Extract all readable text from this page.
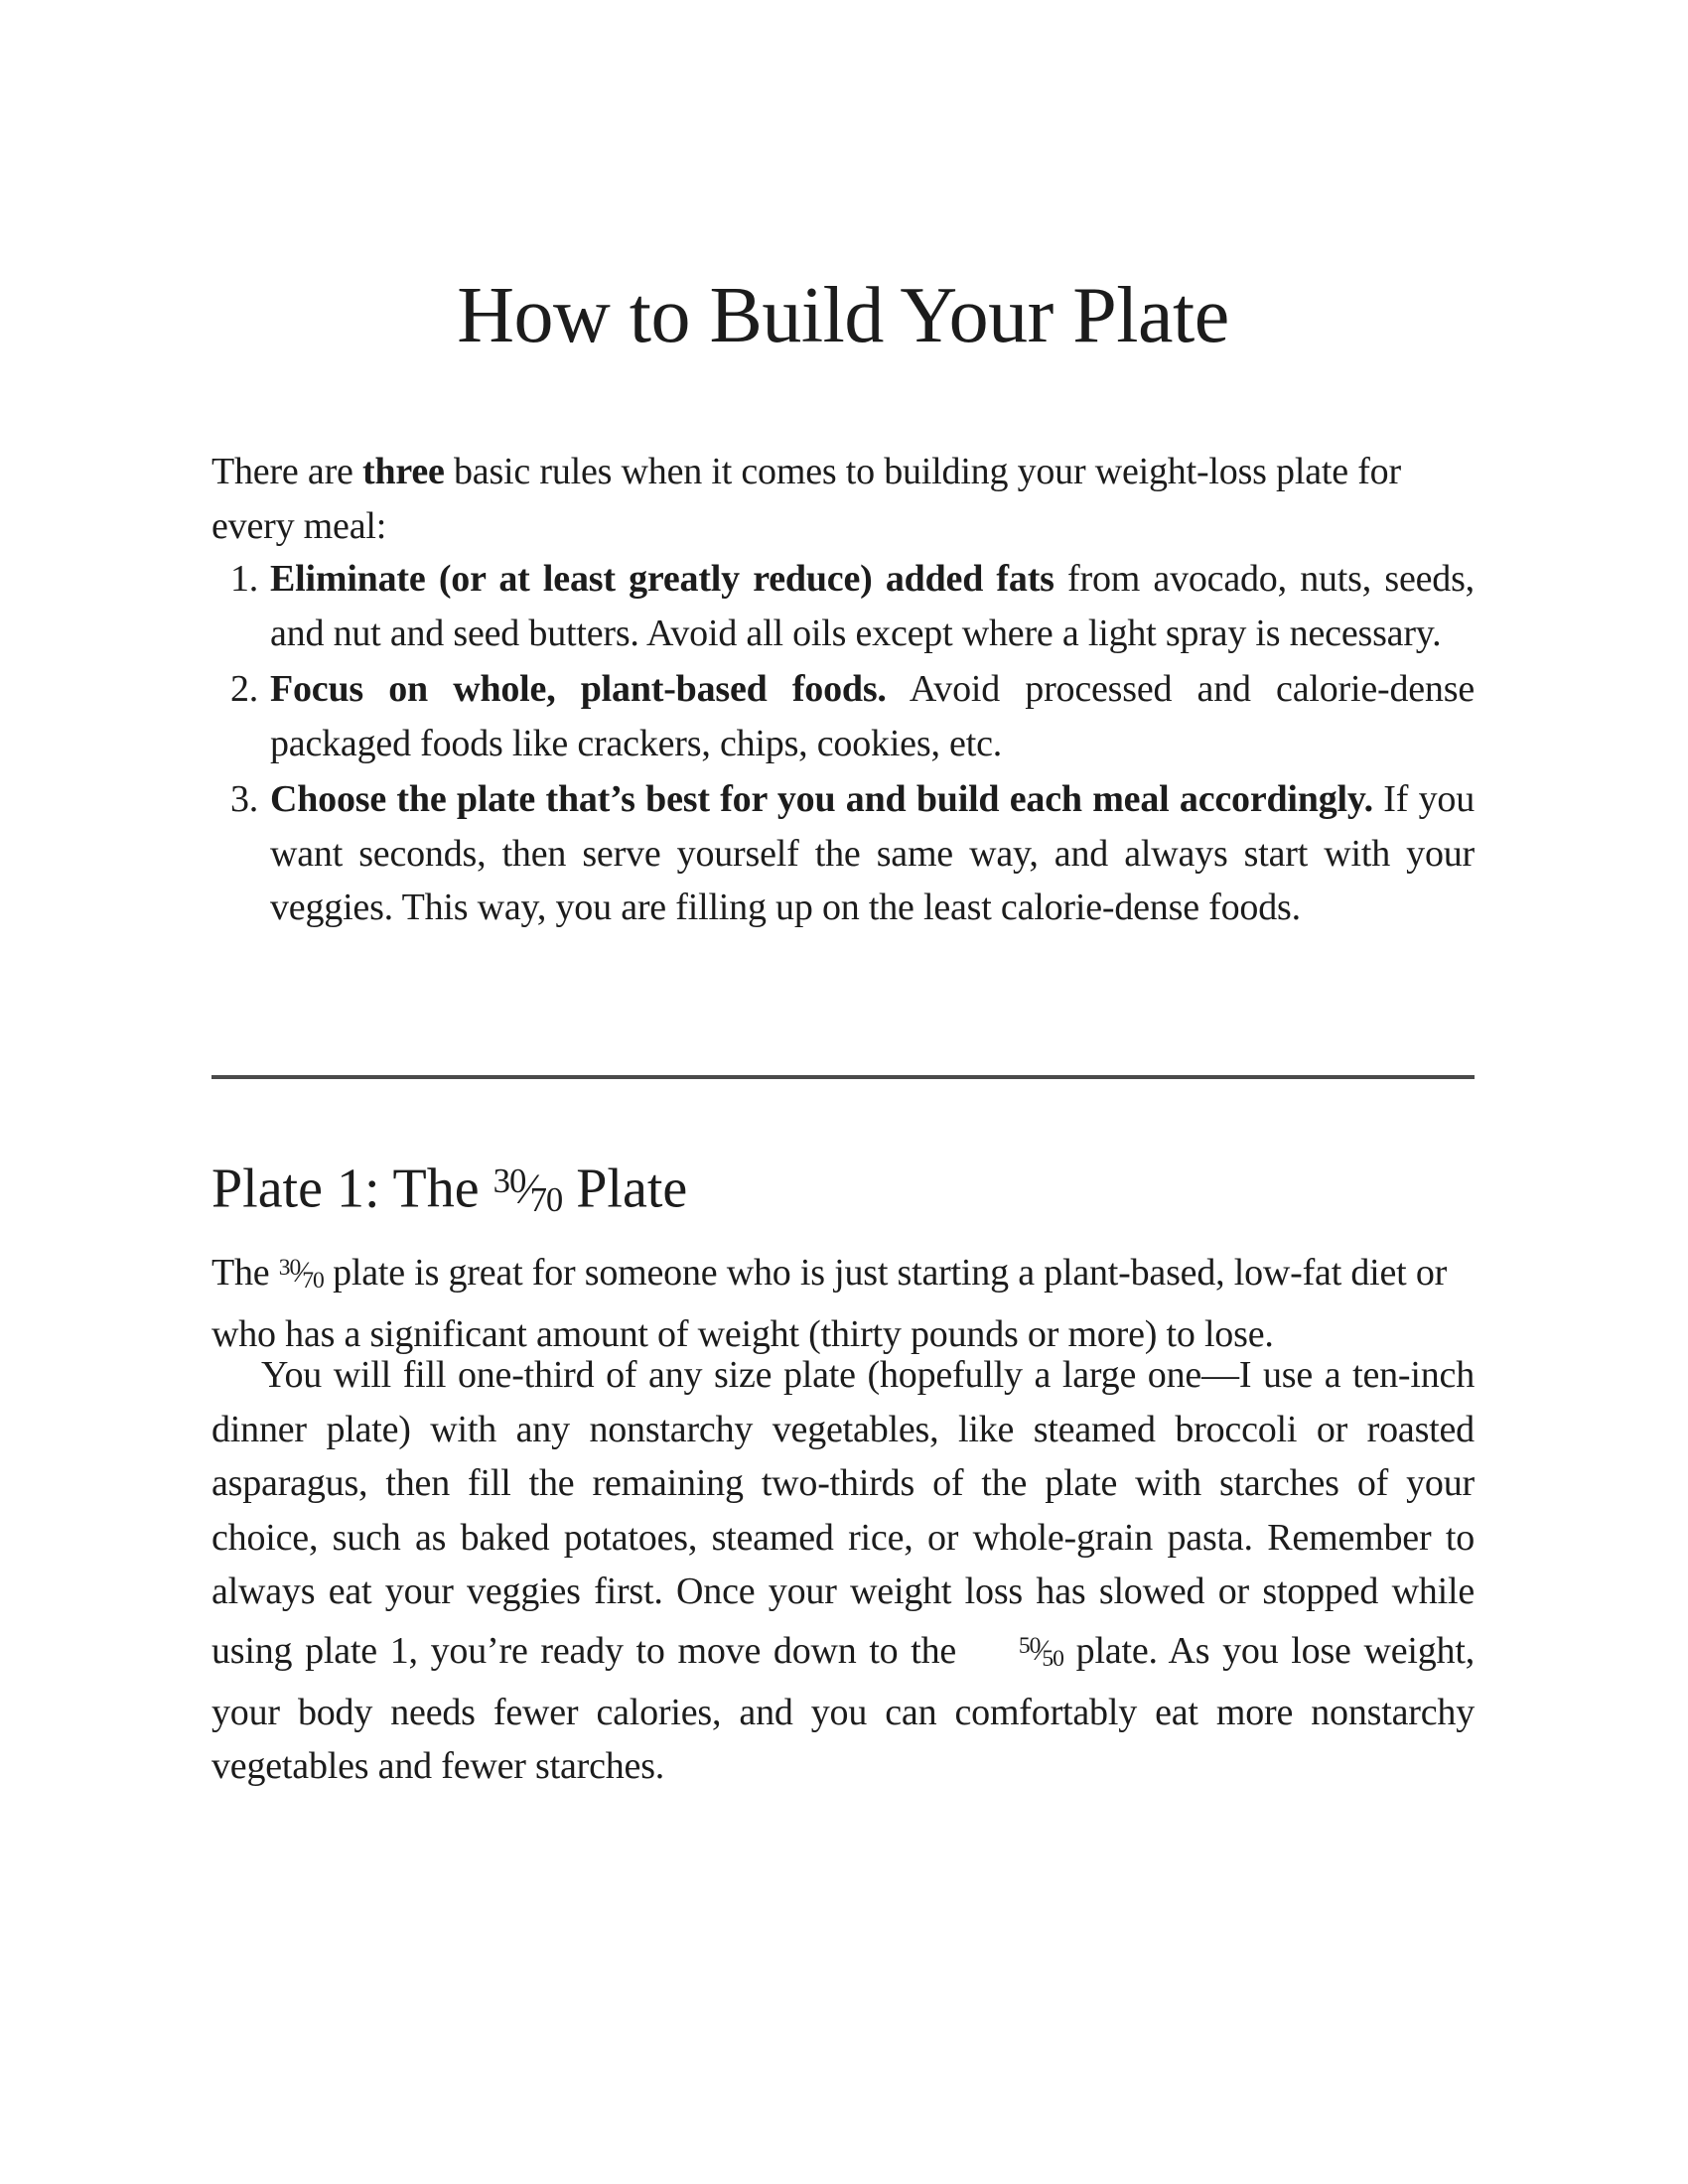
How to Build Your Plate

There are three basic rules when it comes to building your weight-loss plate for every meal:

1. Eliminate (or at least greatly reduce) added fats from avocado, nuts, seeds, and nut and seed butters. Avoid all oils except where a light spray is necessary.
2. Focus on whole, plant-based foods. Avoid processed and calorie-dense packaged foods like crackers, chips, cookies, etc.
3. Choose the plate that’s best for you and build each meal accordingly. If you want seconds, then serve yourself the same way, and always start with your veggies. This way, you are filling up on the least calorie-dense foods.
Plate 1: The 30⁄70 Plate

The 30⁄70 plate is great for someone who is just starting a plant-based, low-fat diet or who has a significant amount of weight (thirty pounds or more) to lose.

You will fill one-third of any size plate (hopefully a large one—I use a ten-inch dinner plate) with any nonstarchy vegetables, like steamed broccoli or roasted asparagus, then fill the remaining two-thirds of the plate with starches of your choice, such as baked potatoes, steamed rice, or whole-grain pasta. Remember to always eat your veggies first. Once your weight loss has slowed or stopped while using plate 1, you’re ready to move down to the 50⁄50 plate. As you lose weight, your body needs fewer calories, and you can comfortably eat more nonstarchy vegetables and fewer starches.
